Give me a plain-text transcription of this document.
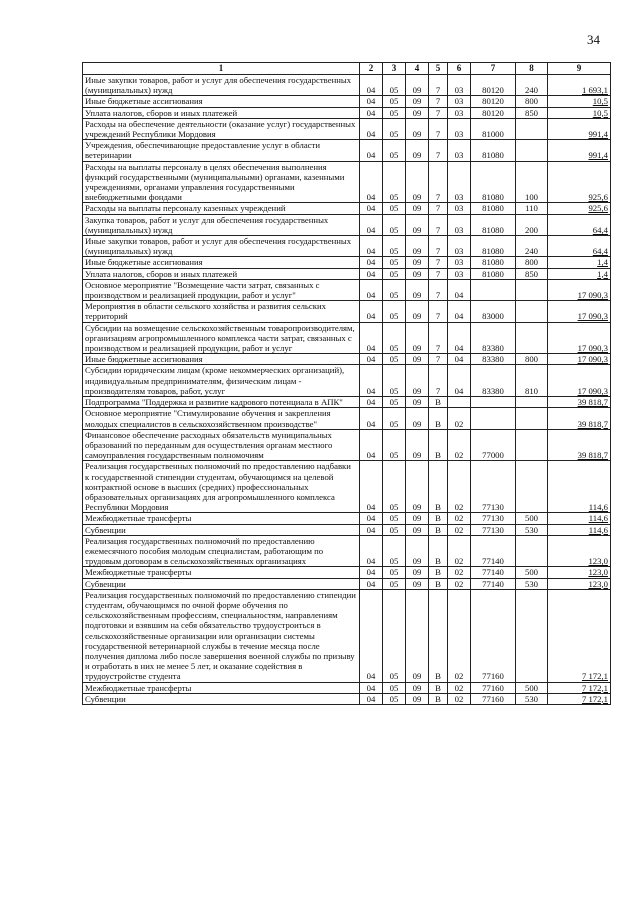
34
1	2	3	4	5	6	7	8	9
Иные закупки товаров, работ и услуг для обеспечения государственных (муниципальных) нужд	04	05	09	7	03	80120	240	1 693,1
Иные бюджетные ассигнования	04	05	09	7	03	80120	800	10,5
Уплата налогов, сборов и иных платежей	04	05	09	7	03	80120	850	10,5
Расходы на обеспечение деятельности (оказание услуг) государственных учреждений Республики Мордовия	04	05	09	7	03	81000		991,4
Учреждения, обеспечивающие предоставление услуг в области ветеринарии	04	05	09	7	03	81080		991,4
Расходы на выплаты персоналу в целях обеспечения выполнения функций государственными (муниципальными) органами, казенными учреждениями, органами управления государственными внебюджетными фондами	04	05	09	7	03	81080	100	925,6
Расходы на выплаты персоналу казенных учреждений	04	05	09	7	03	81080	110	925,6
Закупка товаров, работ и услуг для обеспечения государственных (муниципальных) нужд	04	05	09	7	03	81080	200	64,4
Иные закупки товаров, работ и услуг для обеспечения государственных (муниципальных) нужд	04	05	09	7	03	81080	240	64,4
Иные бюджетные ассигнования	04	05	09	7	03	81080	800	1,4
Уплата налогов, сборов и иных платежей	04	05	09	7	03	81080	850	1,4
Основное мероприятие "Возмещение части затрат, связанных с производством и реализацией продукции, работ и услуг"	04	05	09	7	04			17 090,3
Мероприятия в области сельского хозяйства и развития сельских территорий	04	05	09	7	04	83000		17 090,3
Субсидии на возмещение сельскохозяйственным товаропроизводителям, организациям агропромышленного комплекса части затрат, связанных с производством и реализацией продукции, работ и услуг	04	05	09	7	04	83380		17 090,3
Иные бюджетные ассигнования	04	05	09	7	04	83380	800	17 090,3
Субсидии юридическим лицам (кроме некоммерческих организаций), индивидуальным предпринимателям, физическим лицам - производителям товаров, работ, услуг	04	05	09	7	04	83380	810	17 090,3
Подпрограмма "Поддержка и развитие кадрового потенциала в АПК"	04	05	09	В				39 818,7
Основное мероприятие "Стимулирование обучения и закрепления молодых специалистов в сельскохозяйственном производстве"	04	05	09	В	02			39 818,7
Финансовое обеспечение расходных обязательств муниципальных образований по переданным для осуществления органам местного самоуправления государственным полномочиям	04	05	09	В	02	77000		39 818,7
Реализация государственных полномочий по предоставлению надбавки к государственной стипендии студентам, обучающимся на целевой контрактной основе в высших (средних) профессиональных образовательных организациях для агропромышленного комплекса Республики Мордовия	04	05	09	В	02	77130		114,6
Межбюджетные трансферты	04	05	09	В	02	77130	500	114,6
Субвенции	04	05	09	В	02	77130	530	114,6
Реализация государственных полномочий по предоставлению ежемесячного пособия молодым специалистам, работающим по трудовым договорам в сельскохозяйственных организациях	04	05	09	В	02	77140		123,0
Межбюджетные трансферты	04	05	09	В	02	77140	500	123,0
Субвенции	04	05	09	В	02	77140	530	123,0
Реализация государственных полномочий по предоставлению стипендии студентам, обучающимся по очной форме обучения по сельскохозяйственным профессиям, специальностям, направлениям подготовки и взявшим на себя обязательство трудоустроиться в сельскохозяйственные организации или организации системы государственной ветеринарной службы в течение месяца после получения диплома либо после завершения военной службы по призыву и отработать в них не менее 5 лет, и оказание содействия в трудоустройстве студента	04	05	09	В	02	77160		7 172,1
Межбюджетные трансферты	04	05	09	В	02	77160	500	7 172,1
Субвенции	04	05	09	В	02	77160	530	7 172,1
